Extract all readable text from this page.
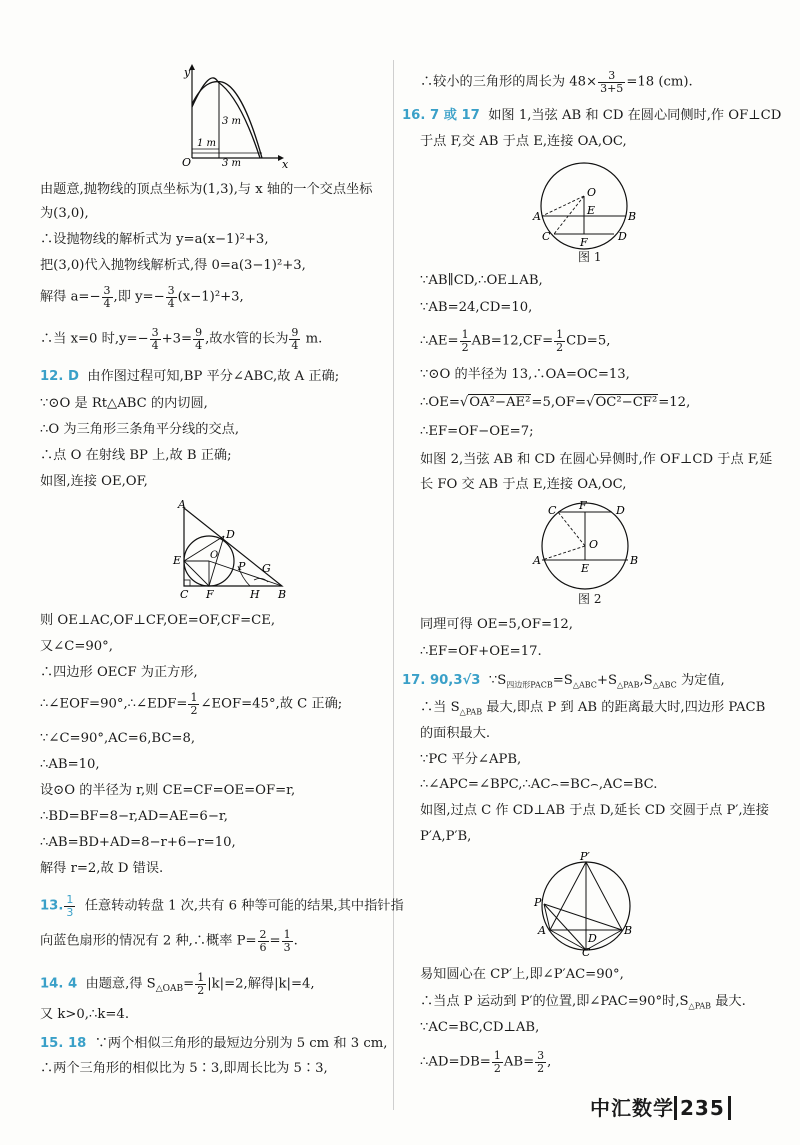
y
x
O
3 m
1 m
3 m
由题意,抛物线的顶点坐标为(1,3),与 x 轴的一个交点坐标
为(3,0),
∴设抛物线的解析式为 y=a(x−1)²+3,
把(3,0)代入抛物线解析式,得 0=a(3−1)²+3,
解得 $a=- \frac{3}{4}$ ,即 $y=- \frac{3}{4} (x-1)^2+3$,
∴当 x=0 时$,y=- \frac{3}{4} +3= \frac{9}{4}$ ,故水管的长为 $\frac{9}{4} m$.
12. D 由作图过程可知,BP 平分∠ABC,故 A 正确;
∵⊙O 是 Rt△ABC 的内切圆,
∴O 为三角形三条角平分线的交点,
∴点 O 在射线 BP 上,故 B 正确;
如图,连接 OE,OF,
A
D
E	O
P G
C F	H B
则 OE⊥AC,OF⊥CF,OE=OF,CF=CE,
又∠C=90°,
∴四边形 OECF 为正方形,
∴∠EOF=90°,∴∠EDF= $\frac{1}{2}$ ∠EOF=45°,故 C 正确;
∵∠C=90°,AC=6,BC=8,
∴AB=10,
设⊙O 的半径为 r,则 CE=CF=OE=OF=r,
∴BD=BF=8−r,AD=AE=6−r,
∴AB=BD+AD=8−r+6−r=10,
解得 r=2,故 D 错误.
13. $\frac{1}{3}$ 任意转动转盘 1 次,共有 6 种等可能的结果,其中指针指
向蓝色扇形的情况有 2 种,∴概率 $P= \frac{2}{6} = \frac{1}{3}$ .
14. 4 由题意,得 $S_{\triangle OAB}= \frac{1}{2} |k|=2$,解得|k|=4,
又 k>0,∴k=4.
15. 18 ∵两个相似三角形的最短边分别为 5 cm 和 3 cm,
∴两个三角形的相似比为 5∶3,即周长比为 5∶3,
∴较小的三角形的周长为 $48\times \frac{3}{3+5} =18$ (cm).
16. 7 或 17 如图 1,当弦 AB 和 CD 在圆心同侧时,作 OF⊥CD
于点 F,交 AB 于点 E,连接 OA,OC,
O
A	E	B
C	F	D
图 1
∵AB∥CD,∴OE⊥AB,
∵AB=24,CD=10,
∴AE= $\frac{1}{2} AB=12,CF= \frac{1}{2} CD=5$,
∵⊙O 的半径为 13,∴OA=OC=13,
∴OE=√OA²−AE²=5,OF=√OC²−CF²=12,
∴EF=OF−OE=7;
如图 2,当弦 AB 和 CD 在圆心异侧时,作 OF⊥CD 于点 F,延
长 FO 交 AB 于点 E,连接 OA,OC,
C F	D
O
A
E
B
图 2
同理可得 OE=5,OF=12,
∴EF=OF+OE=17.
17. 90,3√3 $\because S_{四边形PACB}=S_{\triangle ABC}+S_{\triangle PAB},S_{\triangle ABC}$ 为定值,
∴当 $S_{\triangle PAB}$ 最大,即点 P 到 AB 的距离最大时,四边形 PACB
的面积最大.
∵PC 平分∠APB,
∴∠APC=∠BPC,∴AC⌢=BC⌢,AC=BC.
如图,过点 C 作 CD⊥AB 于点 D,延长 CD 交圆于点 P′,连接
P′A,P′B,
P′
P
A
D
B
C
易知圆心在 CP′上,即∠P′AC=90°,
∴当点 P 运动到 P′的位置,即∠PAC=90°时$,S_{\triangle PAB}$ 最大.
∵AC=BC,CD⊥AB,
∴AD=DB= $\frac{1}{2} AB= \frac{3}{2}$ ,
中汇数学 235
